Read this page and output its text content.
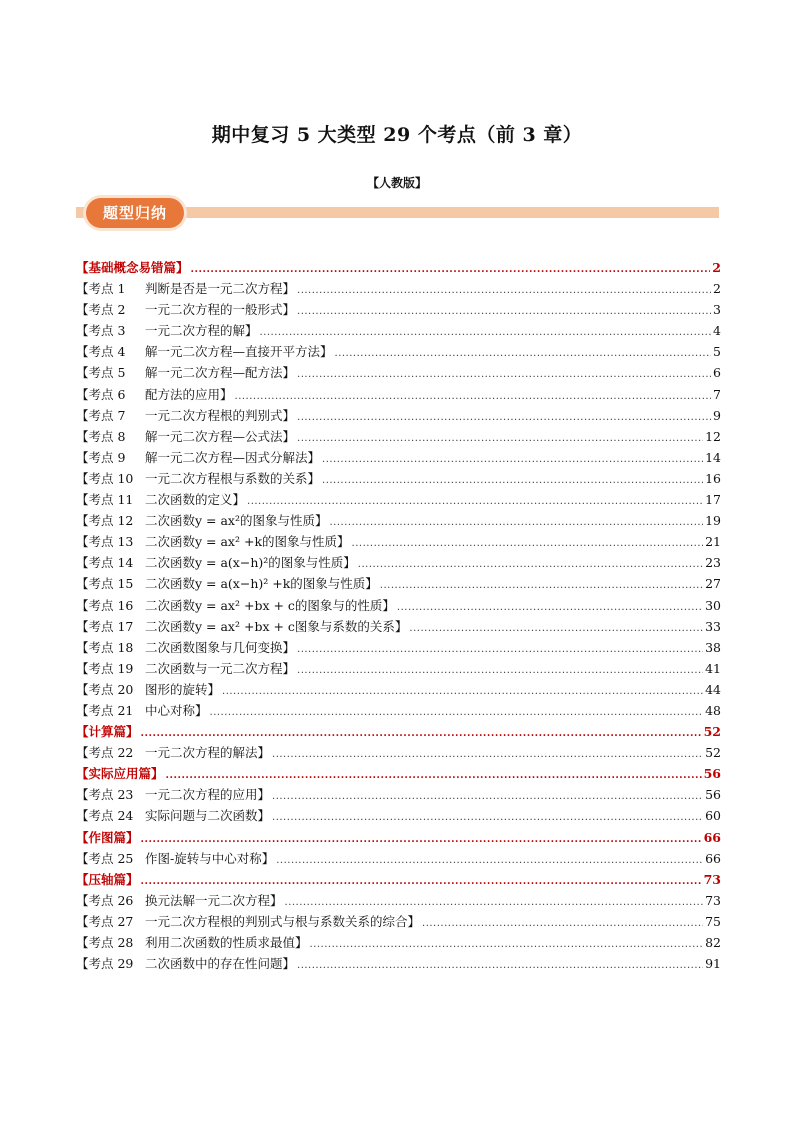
期中复习 5 大类型 29 个考点（前 3 章）
【人教版】
题型归纳
【基础概念易错篇】 .....	2
【考点 1 判断是否是一元二次方程】 .....	2
【考点 2 一元二次方程的一般形式】 .....	3
【考点 3 一元二次方程的解】 .....	4
【考点 4 解一元二次方程—直接开平方法】 .....	5
【考点 5 解一元二次方程—配方法】 .....	6
【考点 6 配方法的应用】 .....	7
【考点 7 一元二次方程根的判别式】 .....	9
【考点 8 解一元二次方程—公式法】 .....	12
【考点 9 解一元二次方程—因式分解法】 .....	14
【考点 10 一元二次方程根与系数的关系】 .....	16
【考点 11 二次函数的定义】 .....	17
【考点 12 二次函数y = ax²的图象与性质】 .....	19
【考点 13 二次函数y = ax² +k的图象与性质】 .....	21
【考点 14 二次函数y = a(x−h)²的图象与性质】 .....	23
【考点 15 二次函数y = a(x−h)² +k的图象与性质】 .....	27
【考点 16 二次函数y = ax² +bx + c的图象与的性质】 .....	30
【考点 17 二次函数y = ax² +bx + c图象与系数的关系】 .....	33
【考点 18 二次函数图象与几何变换】 .....	38
【考点 19 二次函数与一元二次方程】 .....	41
【考点 20 图形的旋转】 .....	44
【考点 21 中心对称】 .....	48
【计算篇】 .....	52
【考点 22 一元二次方程的解法】 .....	52
【实际应用篇】 .....	56
【考点 23 一元二次方程的应用】 .....	56
【考点 24 实际问题与二次函数】 .....	60
【作图篇】 .....	66
【考点 25 作图-旋转与中心对称】 .....	66
【压轴篇】 .....	73
【考点 26 换元法解一元二次方程】 .....	73
【考点 27 一元二次方程根的判别式与根与系数关系的综合】 .....	75
【考点 28 利用二次函数的性质求最值】 .....	82
【考点 29 二次函数中的存在性问题】 .....	91
